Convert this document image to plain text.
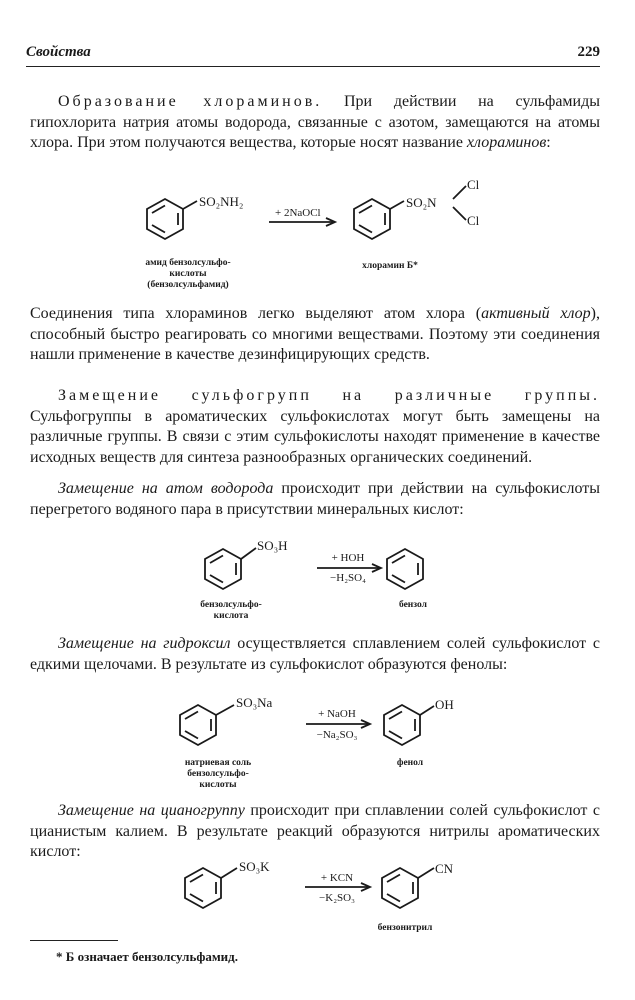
Свойства	229

Образование хлораминов. При действии на сульфамиды гипохлорита натрия атомы водорода, связанные с азотом, замещаются на атомы хлора. При этом получаются вещества, которые носят название хлораминов:

SO₂NH₂
+ 2NaOCl
SO₂N
Cl
Cl
амид бензолсульфо-
кислоты
(бензолсульфамид)
хлорамин Б*
SO₃H
+ HOH
−H₂SO₄
бензолсульфо-
кислота
бензол
SO₃Na
+ NaOH
−Na₂SO₃
OH
натриевая соль
бензолсульфо-
кислоты
фенол
SO₃K
+ KCN
−K₂SO₃
CN
бензонитрил

Соединения типа хлораминов легко выделяют атом хлора (активный хлор), способный быстро реагировать со многими веществами. Поэтому эти соединения нашли применение в качестве дезинфицирующих средств.

Замещение сульфогрупп на различные группы. Сульфогруппы в ароматических сульфокислотах могут быть замещены на различные группы. В связи с этим сульфокислоты находят применение в качестве исходных веществ для синтеза разнообразных органических соединений.

Замещение на атом водорода происходит при действии на сульфокислоты перегретого водяного пара в присутствии минеральных кислот:

Замещение на гидроксил осуществляется сплавлением солей сульфокислот с едкими щелочами. В результате из сульфокислот образуются фенолы:

Замещение на цианогруппу происходит при сплавлении солей сульфокислот с цианистым калием. В результате реакций образуются нитрилы ароматических кислот:

* Б означает бензолсульфамид.
